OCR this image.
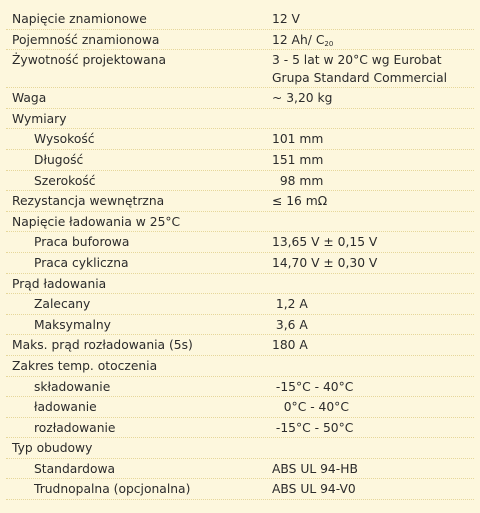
Napięcie znamionowe	12 V
Pojemność znamionowa	12 Ah/ C20
Żywotność projektowana	3 - 5 lat w 20°C wg Eurobat
Grupa Standard Commercial
Waga	~ 3,20 kg
Wymiary
Wysokość	101 mm
Długość	151 mm
Szerokość	98 mm
Rezystancja wewnętrzna	≤ 16 mΩ
Napięcie ładowania w 25°C
Praca buforowa	13,65 V ± 0,15 V
Praca cykliczna	14,70 V ± 0,30 V
Prąd ładowania
Zalecany	1,2 A
Maksymalny	3,6 A
Maks. prąd rozładowania (5s)	180 A
Zakres temp. otoczenia
składowanie	-15°C - 40°C
ładowanie	0°C - 40°C
rozładowanie	-15°C - 50°C
Typ obudowy
Standardowa	ABS UL 94-HB
Trudnopalna (opcjonalna)	ABS UL 94-V0
